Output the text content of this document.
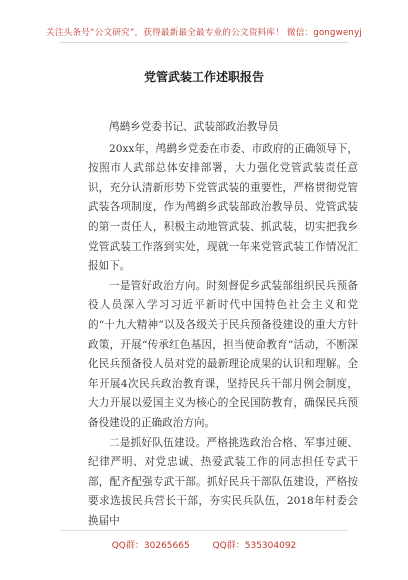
关注头条号“公文研究”，获得最新最全最专业的公文资料库！ 微信：gongwenyj
党管武装工作述职报告

鸬鹚乡党委书记、武装部政治教导员

20xx年，鸬鹚乡党委在市委、市政府的正确领导下，按照市人武部总体安排部署，大力强化党管武装责任意识，充分认清新形势下党管武装的重要性，严格贯彻党管武装各项制度，作为鸬鹚乡武装部政治教导员、党管武装的第一责任人，积极主动地管武装、抓武装，切实把我乡党管武装工作落到实处，现就一年来党管武装工作情况汇报如下。

一是管好政治方向。时刻督促乡武装部组织民兵预备役人员深入学习习近平新时代中国特色社会主义和党的“十九大精神”以及各级关于民兵预备役建设的重大方针政策，开展“传承红色基因，担当使命教育”活动，不断深化民兵预备役人员对党的最新理论成果的认识和理解。全年开展4次民兵政治教育课，坚持民兵干部月例会制度，大力开展以爱国主义为核心的全民国防教育，确保民兵预备役建设的正确政治方向。

二是抓好队伍建设。严格挑选政治合格、军事过硬、纪律严明、对党忠诚、热爱武装工作的同志担任专武干部，配齐配强专武干部。抓好民兵干部队伍建设，严格按要求选拔民兵营长干部，夯实民兵队伍，2018年村委会换届中

QQ群：30265665	QQ群：535304092
